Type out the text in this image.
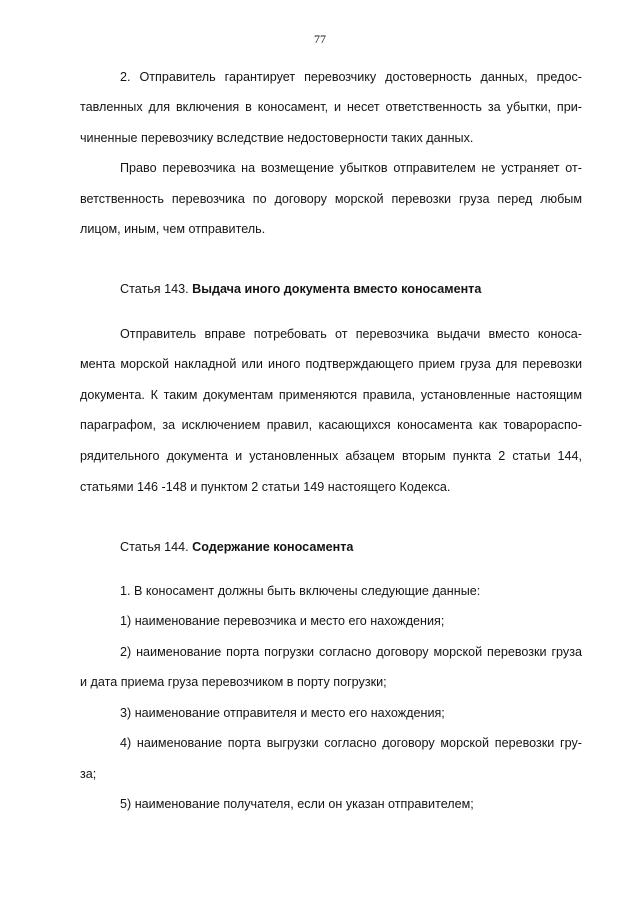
77
2. Отправитель гарантирует перевозчику достоверность данных, предос-
тавленных для включения в коносамент, и несет ответственность за убытки, при-
чиненные перевозчику вследствие недостоверности таких данных.
Право перевозчика на возмещение убытков отправителем не устраняет от-
ветственность перевозчика по договору морской перевозки груза перед любым
лицом, иным, чем отправитель.
Статья 143. Выдача иного документа вместо коносамента
Отправитель вправе потребовать от перевозчика выдачи вместо коноса-
мента морской накладной или иного подтверждающего прием груза для перевозки
документа. К таким документам применяются правила, установленные настоящим
параграфом, за исключением правил, касающихся коносамента как товарораспо-
рядительного документа и установленных абзацем вторым пункта 2 статьи 144,
статьями 146 -148 и пунктом 2 статьи 149 настоящего Кодекса.
Статья 144. Содержание коносамента
1. В коносамент должны быть включены следующие данные:
1) наименование перевозчика и место его нахождения;
2) наименование порта погрузки согласно договору морской перевозки груза
и дата приема груза перевозчиком в порту погрузки;
3) наименование отправителя и место его нахождения;
4) наименование порта выгрузки согласно договору морской перевозки гру-
за;
5) наименование получателя, если он указан отправителем;
